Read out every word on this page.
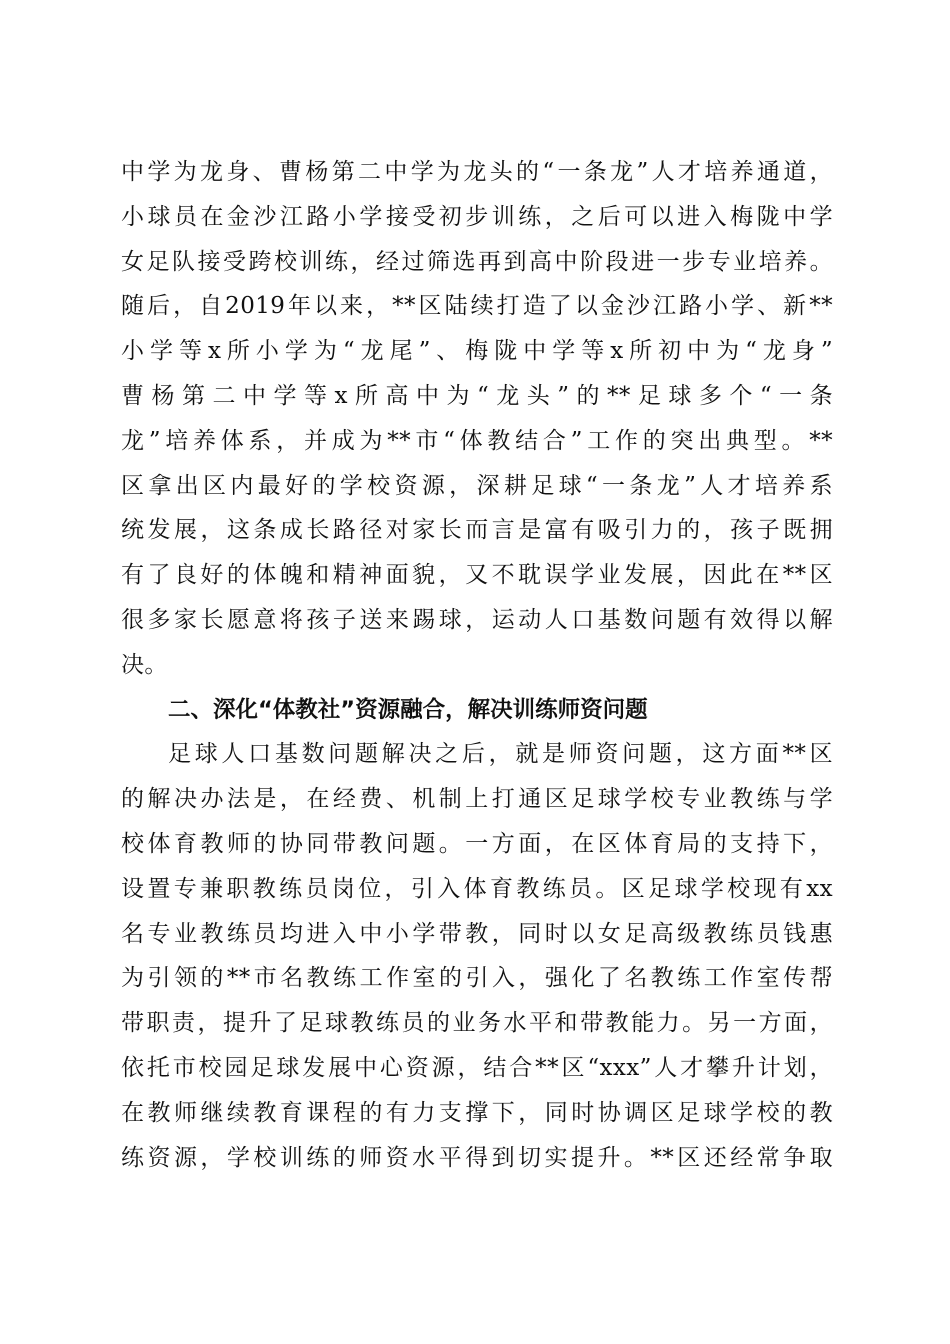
中学为龙身、曹杨第二中学为龙头的“一条龙”人才培养通道，
小球员在金沙江路小学接受初步训练，之后可以进入梅陇中学
女足队接受跨校训练，经过筛选再到高中阶段进一步专业培养。
随后，自2019年以来，**区陆续打造了以金沙江路小学、新**
小学等x所小学为“龙尾”、梅陇中学等x所初中为“龙身”
曹杨第二中学等x所高中为“龙头”的**足球多个“一条
龙”培养体系，并成为**市“体教结合”工作的突出典型。**
区拿出区内最好的学校资源，深耕足球“一条龙”人才培养系
统发展，这条成长路径对家长而言是富有吸引力的，孩子既拥
有了良好的体魄和精神面貌，又不耽误学业发展，因此在**区
很多家长愿意将孩子送来踢球，运动人口基数问题有效得以解
决。
二、深化“体教社”资源融合，解决训练师资问题
足球人口基数问题解决之后，就是师资问题，这方面**区
的解决办法是，在经费、机制上打通区足球学校专业教练与学
校体育教师的协同带教问题。一方面，在区体育局的支持下，
设置专兼职教练员岗位，引入体育教练员。区足球学校现有xx
名专业教练员均进入中小学带教，同时以女足高级教练员钱惠
为引领的**市名教练工作室的引入，强化了名教练工作室传帮
带职责，提升了足球教练员的业务水平和带教能力。另一方面，
依托市校园足球发展中心资源，结合**区“xxx”人才攀升计划，
在教师继续教育课程的有力支撑下，同时协调区足球学校的教
练资源，学校训练的师资水平得到切实提升。**区还经常争取
